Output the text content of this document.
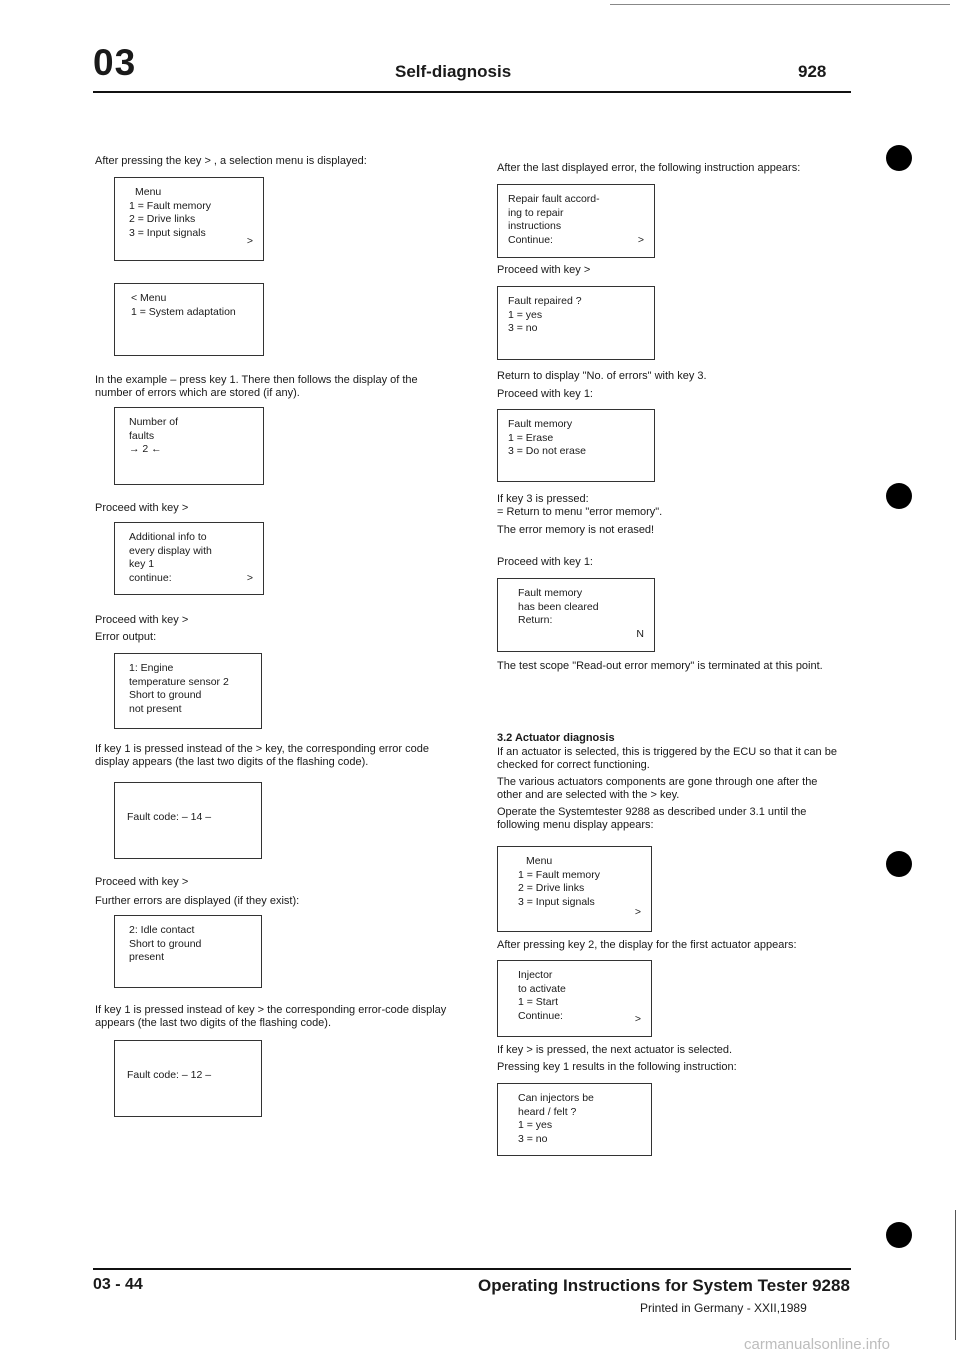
03	Self-diagnosis	928
After pressing the key > , a selection menu is displayed:
Menu
1 = Fault memory
2 = Drive links
3 = Input signals
>
< Menu
1 = System adaptation
In the example – press key 1. There then follows the display of the number of errors which are stored (if any).
Number of
faults
→ 2 ←
Proceed with key >
Additional info to
every display with
key 1
continue:	>
Proceed with key >
Error output:
1: Engine
temperature sensor 2
Short to ground
not present
If key 1 is pressed instead of the > key, the corresponding error code display appears (the last two digits of the flashing code).
Fault code: – 14 –
Proceed with key >
Further errors are displayed (if they exist):
2: Idle contact
Short to ground
present
If key 1 is pressed instead of key > the corresponding error-code display appears (the last two digits of the flashing code).
Fault code: – 12 –
After the last displayed error, the following instruction appears:
Repair fault accord-
ing to repair
instructions
Continue:	>
Proceed with key >
Fault repaired ?
1 = yes
3 = no
Return to display "No. of errors" with key 3.
Proceed with key 1:
Fault memory
1 = Erase
3 = Do not erase
If key 3 is pressed:
= Return to menu "error memory".
The error memory is not erased!
Proceed with key 1:
Fault memory
has been cleared
Return:
N
The test scope "Read-out error memory" is terminated at this point.
3.2 Actuator diagnosis
If an actuator is selected, this is triggered by the ECU so that it can be checked for correct functioning.
The various actuators components are gone through one after the other and are selected with the > key.
Operate the Systemtester 9288 as described under 3.1 until the following menu display appears:
Menu
1 = Fault memory
2 = Drive links
3 = Input signals
>
After pressing key 2, the display for the first actuator appears:
Injector
to activate
1 = Start
Continue:	>
If key > is pressed, the next actuator is selected.
Pressing key 1 results in the following instruction:
Can injectors be
heard / felt ?
1 = yes
3 = no
03 - 44	Operating Instructions for System Tester 9288
Printed in Germany - XXII,1989
carmanualsonline.info
